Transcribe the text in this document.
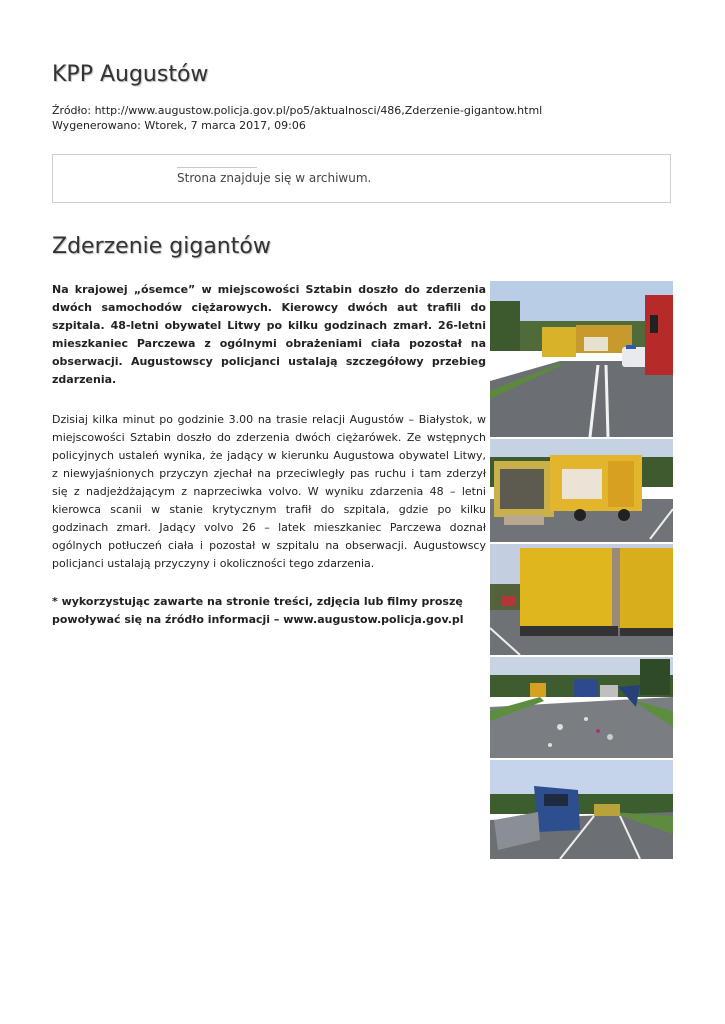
KPP Augustów
Źródło: http://www.augustow.policja.gov.pl/po5/aktualnosci/486,Zderzenie-gigantow.html
Wygenerowano: Wtorek, 7 marca 2017, 09:06
Strona znajduje się w archiwum.
Zderzenie gigantów

Na krajowej „ósemce” w miejscowości Sztabin doszło do zderzenia dwóch samochodów ciężarowych. Kierowcy dwóch aut trafili do szpitala. 48-letni obywatel Litwy po kilku godzinach zmarł. 26-letni mieszkaniec Parczewa z ogólnymi obrażeniami ciała pozostał na obserwacji. Augustowscy policjanci ustalają szczegółowy przebieg zdarzenia.

Dzisiaj kilka minut po godzinie 3.00 na trasie relacji Augustów – Białystok, w miejscowości Sztabin doszło do zderzenia dwóch ciężarówek. Ze wstępnych policyjnych ustaleń wynika, że jadący w kierunku Augustowa obywatel Litwy, z niewyjaśnionych przyczyn zjechał na przeciwległy pas ruchu i tam zderzył się z nadjeżdżającym z naprzeciwka volvo. W wyniku zdarzenia 48 – letni kierowca scanii w stanie krytycznym trafił do szpitala, gdzie po kilku godzinach zmarł. Jadący volvo 26 – latek mieszkaniec Parczewa doznał ogólnych potłuczeń ciała i pozostał w szpitalu na obserwacji. Augustowscy policjanci ustalają przyczyny i okoliczności tego zdarzenia.

* wykorzystując zawarte na stronie treści, zdjęcia lub filmy proszę powoływać się na źródło informacji – www.augustow.policja.gov.pl
